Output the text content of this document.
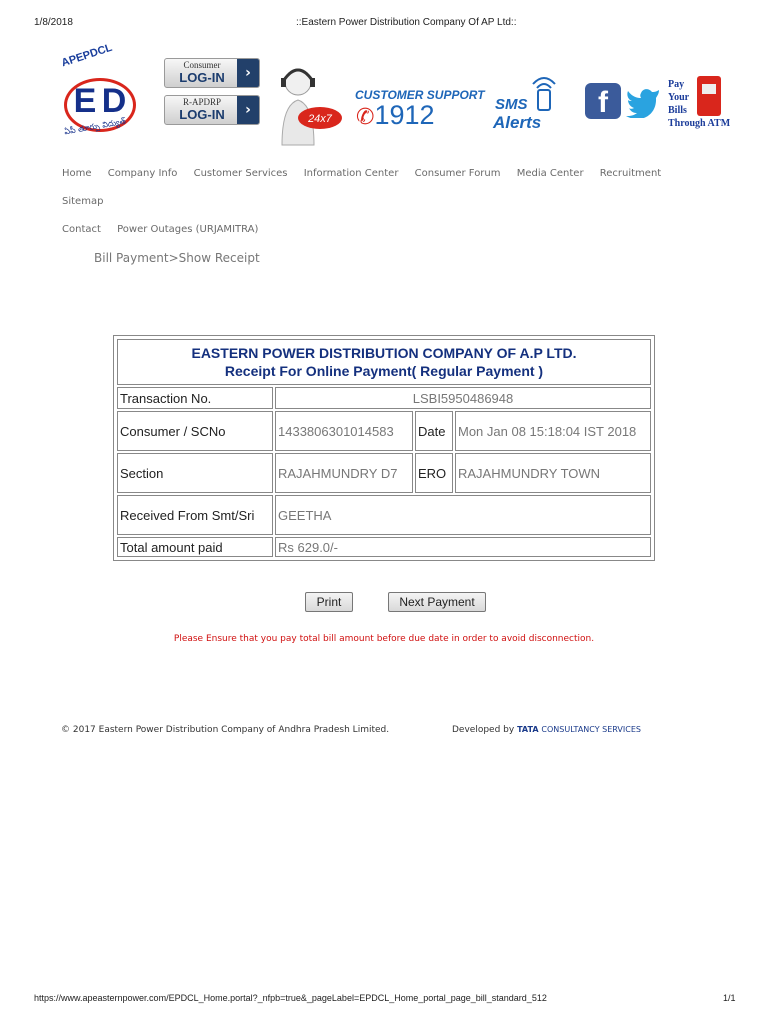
1/8/2018	::Eastern Power Distribution Company Of AP Ltd::
APEPDCL
E D
ఏపీ తూర్పు విద్యుత్
Consumer
LOG-IN	›
R-APDRP
LOG-IN	›
24x7
CUSTOMER SUPPORT
✆1912	SMS
Alerts
f
Pay
Your
Bills
Through ATM
Home Company Info Customer Services Information Center Consumer Forum Media Center Recruitment Sitemap
Contact Power Outages (URJAMITRA)
Bill Payment>Show Receipt
EASTERN POWER DISTRIBUTION COMPANY OF A.P LTD.
Receipt For Online Payment( Regular Payment )			

Transaction No.	LSBI5950486948		
Consumer / SCNo	1433806301014583	Date	Mon Jan 08 15:18:04 IST 2018
Section	RAJAHMUNDRY D7	ERO	RAJAHMUNDRY TOWN
Received From Smt/Sri	GEETHA		
Total amount paid	Rs 629.0/-		
Print	Next Payment
Please Ensure that you pay total bill amount before due date in order to avoid disconnection.
© 2017 Eastern Power Distribution Company of Andhra Pradesh Limited.	Developed by TATA CONSULTANCY SERVICES
https://www.apeasternpower.com/EPDCL_Home.portal?_nfpb=true&_pageLabel=EPDCL_Home_portal_page_bill_standard_512	1/1
